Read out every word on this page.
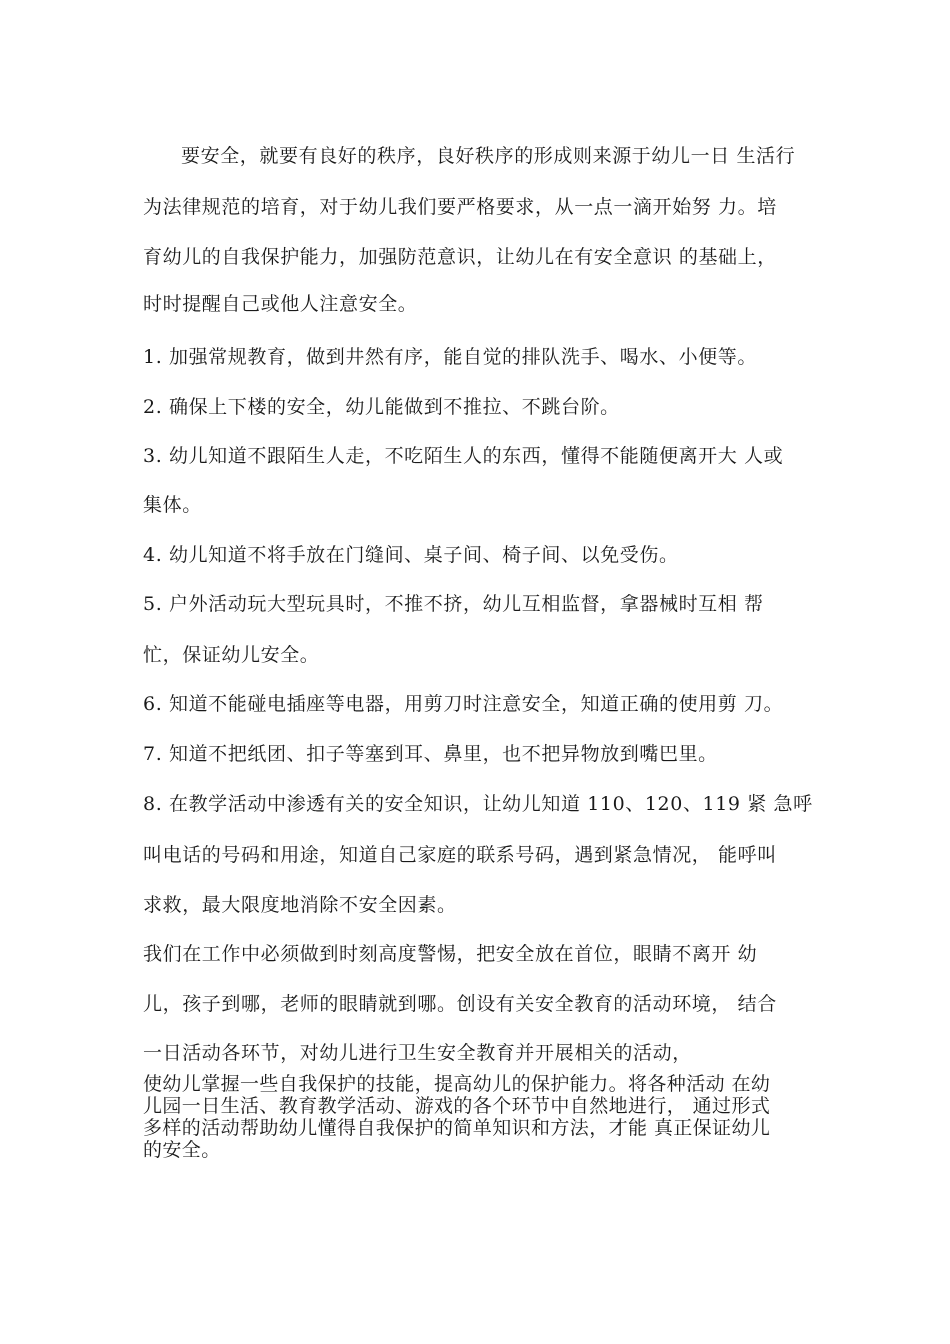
要安全，就要有良好的秩序，良好秩序的形成则来源于幼儿一日 生活行
为法律规范的培育，对于幼儿我们要严格要求，从一点一滴开始努 力。培
育幼儿的自我保护能力，加强防范意识，让幼儿在有安全意识 的基础上，
时时提醒自己或他人注意安全。
1. 加强常规教育，做到井然有序，能自觉的排队洗手、喝水、小便等。
2. 确保上下楼的安全，幼儿能做到不推拉、不跳台阶。
3. 幼儿知道不跟陌生人走，不吃陌生人的东西，懂得不能随便离开大 人或
集体。
4. 幼儿知道不将手放在门缝间、桌子间、椅子间、以免受伤。
5. 户外活动玩大型玩具时，不推不挤，幼儿互相监督，拿器械时互相 帮
忙，保证幼儿安全。
6. 知道不能碰电插座等电器，用剪刀时注意安全，知道正确的使用剪 刀。
7. 知道不把纸团、扣子等塞到耳、鼻里，也不把异物放到嘴巴里。
8. 在教学活动中渗透有关的安全知识，让幼儿知道 110、120、119 紧 急呼
叫电话的号码和用途，知道自己家庭的联系号码，遇到紧急情况， 能呼叫
求救，最大限度地消除不安全因素。
我们在工作中必须做到时刻高度警惕，把安全放在首位，眼睛不离开 幼
儿，孩子到哪，老师的眼睛就到哪。创设有关安全教育的活动环境， 结合
一日活动各环节，对幼儿进行卫生安全教育并开展相关的活动，
使幼儿掌握一些自我保护的技能，提高幼儿的保护能力。将各种活动 在幼
儿园一日生活、教育教学活动、游戏的各个环节中自然地进行， 通过形式
多样的活动帮助幼儿懂得自我保护的简单知识和方法，才能 真正保证幼儿
的安全。
